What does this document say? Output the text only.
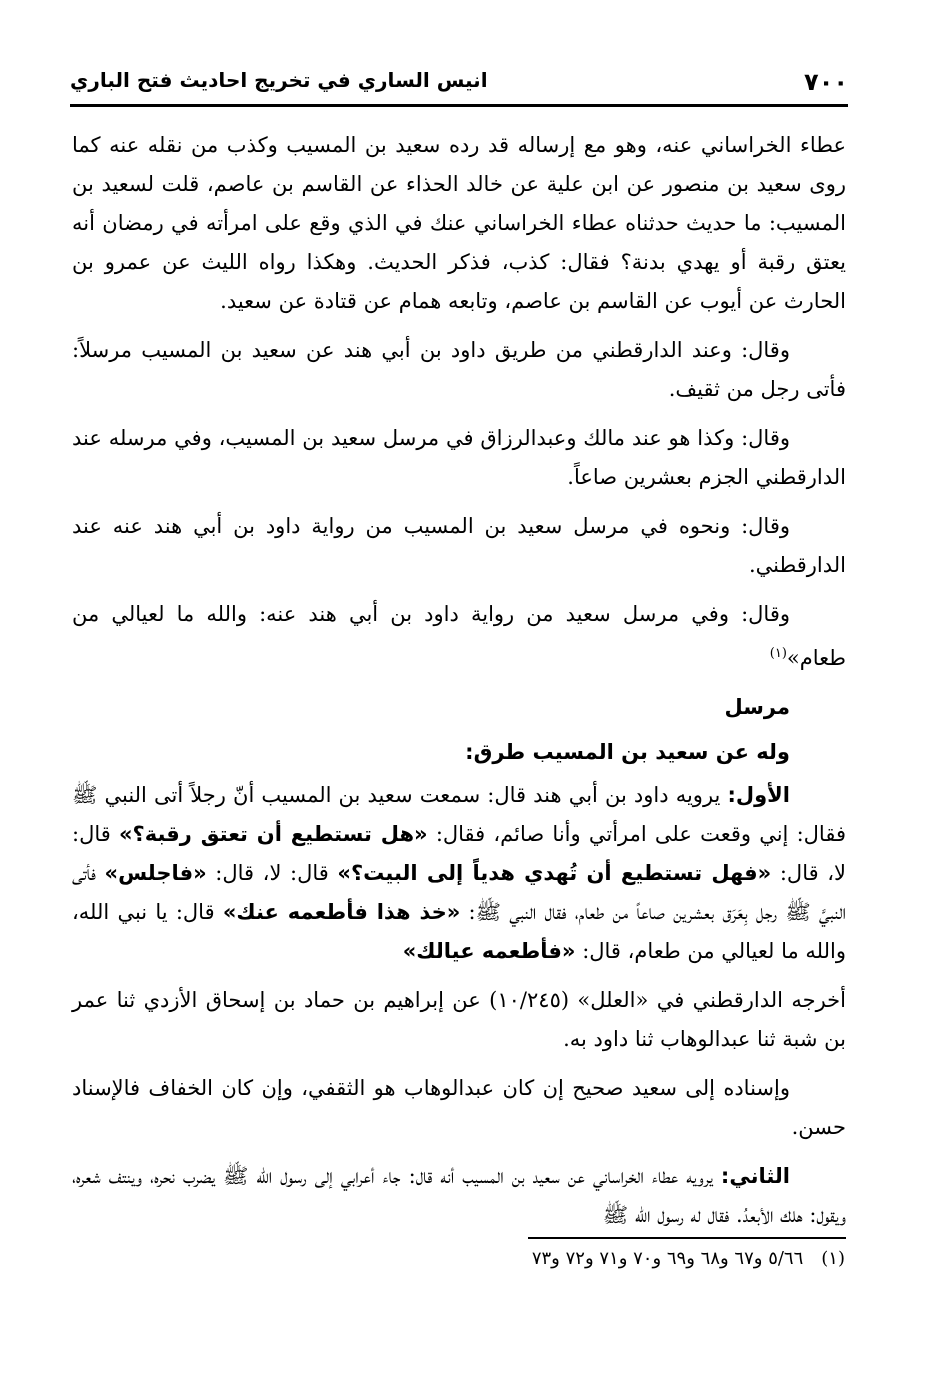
٧٠٠
انيس الساري في تخريج احاديث فتح الباري

عطاء الخراساني عنه، وهو مع إرساله قد رده سعيد بن المسيب وكذب من نقله عنه كما روى سعيد بن منصور عن ابن علية عن خالد الحذاء عن القاسم بن عاصم، قلت لسعيد بن المسيب: ما حديث حدثناه عطاء الخراساني عنك في الذي وقع على امرأته في رمضان أنه يعتق رقبة أو يهدي بدنة؟ فقال: كذب، فذكر الحديث. وهكذا رواه الليث عن عمرو بن الحارث عن أيوب عن القاسم بن عاصم، وتابعه همام عن قتادة عن سعيد.

وقال: وعند الدارقطني من طريق داود بن أبي هند عن سعيد بن المسيب مرسلاً: فأتى رجل من ثقيف.

وقال: وكذا هو عند مالك وعبدالرزاق في مرسل سعيد بن المسيب، وفي مرسله عند الدارقطني الجزم بعشرين صاعاً.

وقال: ونحوه في مرسل سعيد بن المسيب من رواية داود بن أبي هند عنه عند الدارقطني.

وقال: وفي مرسل سعيد من رواية داود بن أبي هند عنه: والله ما لعيالي من طعام»$^{(١)}$

مرسل

وله عن سعيد بن المسيب طرق:

الأول: يرويه داود بن أبي هند قال: سمعت سعيد بن المسيب أنّ رجلاً أتى النبي ﷺ فقال: إني وقعت على امرأتي وأنا صائم، فقال: «هل تستطيع أن تعتق رقبة؟» قال: لا، قال: «فهل تستطيع أن تُهدي هدياً إلى البيت؟» قال: لا، قال: «فاجلس» فأتى النبيَّ ﷺ رجل بِعَرَق بعشرين صاعاً من طعام، فقال النبي ﷺ: «خذ هذا فأطعمه عنك» قال: يا نبي الله، والله ما لعيالي من طعام، قال: «فأطعمه عيالك»

أخرجه الدارقطني في «العلل» (١٠/٢٤٥) عن إبراهيم بن حماد بن إسحاق الأزدي ثنا عمر بن شبة ثنا عبدالوهاب ثنا داود به.

وإسناده إلى سعيد صحيح إن كان عبدالوهاب هو الثقفي، وإن كان الخفاف فالإسناد حسن.

الثاني: يرويه عطاء الخراساني عن سعيد بن المسيب أنه قال: جاء أعرابي إلى رسول الله ﷺ يضرب نحره، وينتف شعره، ويقول: هلك الأبعدُ. فقال له رسول الله ﷺ

(١)٥/٦٦ و٦٧ و٦٨ و٦٩ و٧٠ و٧١ و٧٢ و٧٣
